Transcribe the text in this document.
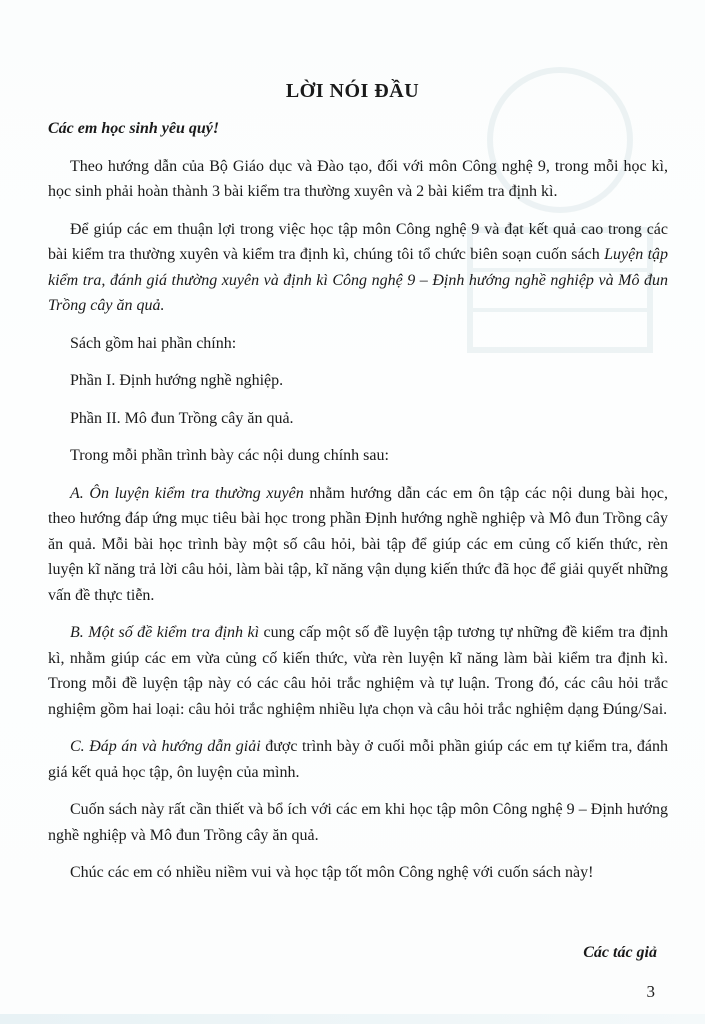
LỜI NÓI ĐẦU

Các em học sinh yêu quý!

Theo hướng dẫn của Bộ Giáo dục và Đào tạo, đối với môn Công nghệ 9, trong mỗi học kì, học sinh phải hoàn thành 3 bài kiểm tra thường xuyên và 2 bài kiểm tra định kì.

Để giúp các em thuận lợi trong việc học tập môn Công nghệ 9 và đạt kết quả cao trong các bài kiểm tra thường xuyên và kiểm tra định kì, chúng tôi tổ chức biên soạn cuốn sách Luyện tập kiểm tra, đánh giá thường xuyên và định kì Công nghệ 9 – Định hướng nghề nghiệp và Mô đun Trồng cây ăn quả.

Sách gồm hai phần chính:

Phần I. Định hướng nghề nghiệp.

Phần II. Mô đun Trồng cây ăn quả.

Trong mỗi phần trình bày các nội dung chính sau:

A. Ôn luyện kiểm tra thường xuyên nhằm hướng dẫn các em ôn tập các nội dung bài học, theo hướng đáp ứng mục tiêu bài học trong phần Định hướng nghề nghiệp và Mô đun Trồng cây ăn quả. Mỗi bài học trình bày một số câu hỏi, bài tập để giúp các em củng cố kiến thức, rèn luyện kĩ năng trả lời câu hỏi, làm bài tập, kĩ năng vận dụng kiến thức đã học để giải quyết những vấn đề thực tiễn.

B. Một số đề kiểm tra định kì cung cấp một số đề luyện tập tương tự những đề kiểm tra định kì, nhằm giúp các em vừa củng cố kiến thức, vừa rèn luyện kĩ năng làm bài kiểm tra định kì. Trong mỗi đề luyện tập này có các câu hỏi trắc nghiệm và tự luận. Trong đó, các câu hỏi trắc nghiệm gồm hai loại: câu hỏi trắc nghiệm nhiều lựa chọn và câu hỏi trắc nghiệm dạng Đúng/Sai.

C. Đáp án và hướng dẫn giải được trình bày ở cuối mỗi phần giúp các em tự kiểm tra, đánh giá kết quả học tập, ôn luyện của mình.

Cuốn sách này rất cần thiết và bổ ích với các em khi học tập môn Công nghệ 9 – Định hướng nghề nghiệp và Mô đun Trồng cây ăn quả.

Chúc các em có nhiều niềm vui và học tập tốt môn Công nghệ với cuốn sách này!

Các tác giả
3
